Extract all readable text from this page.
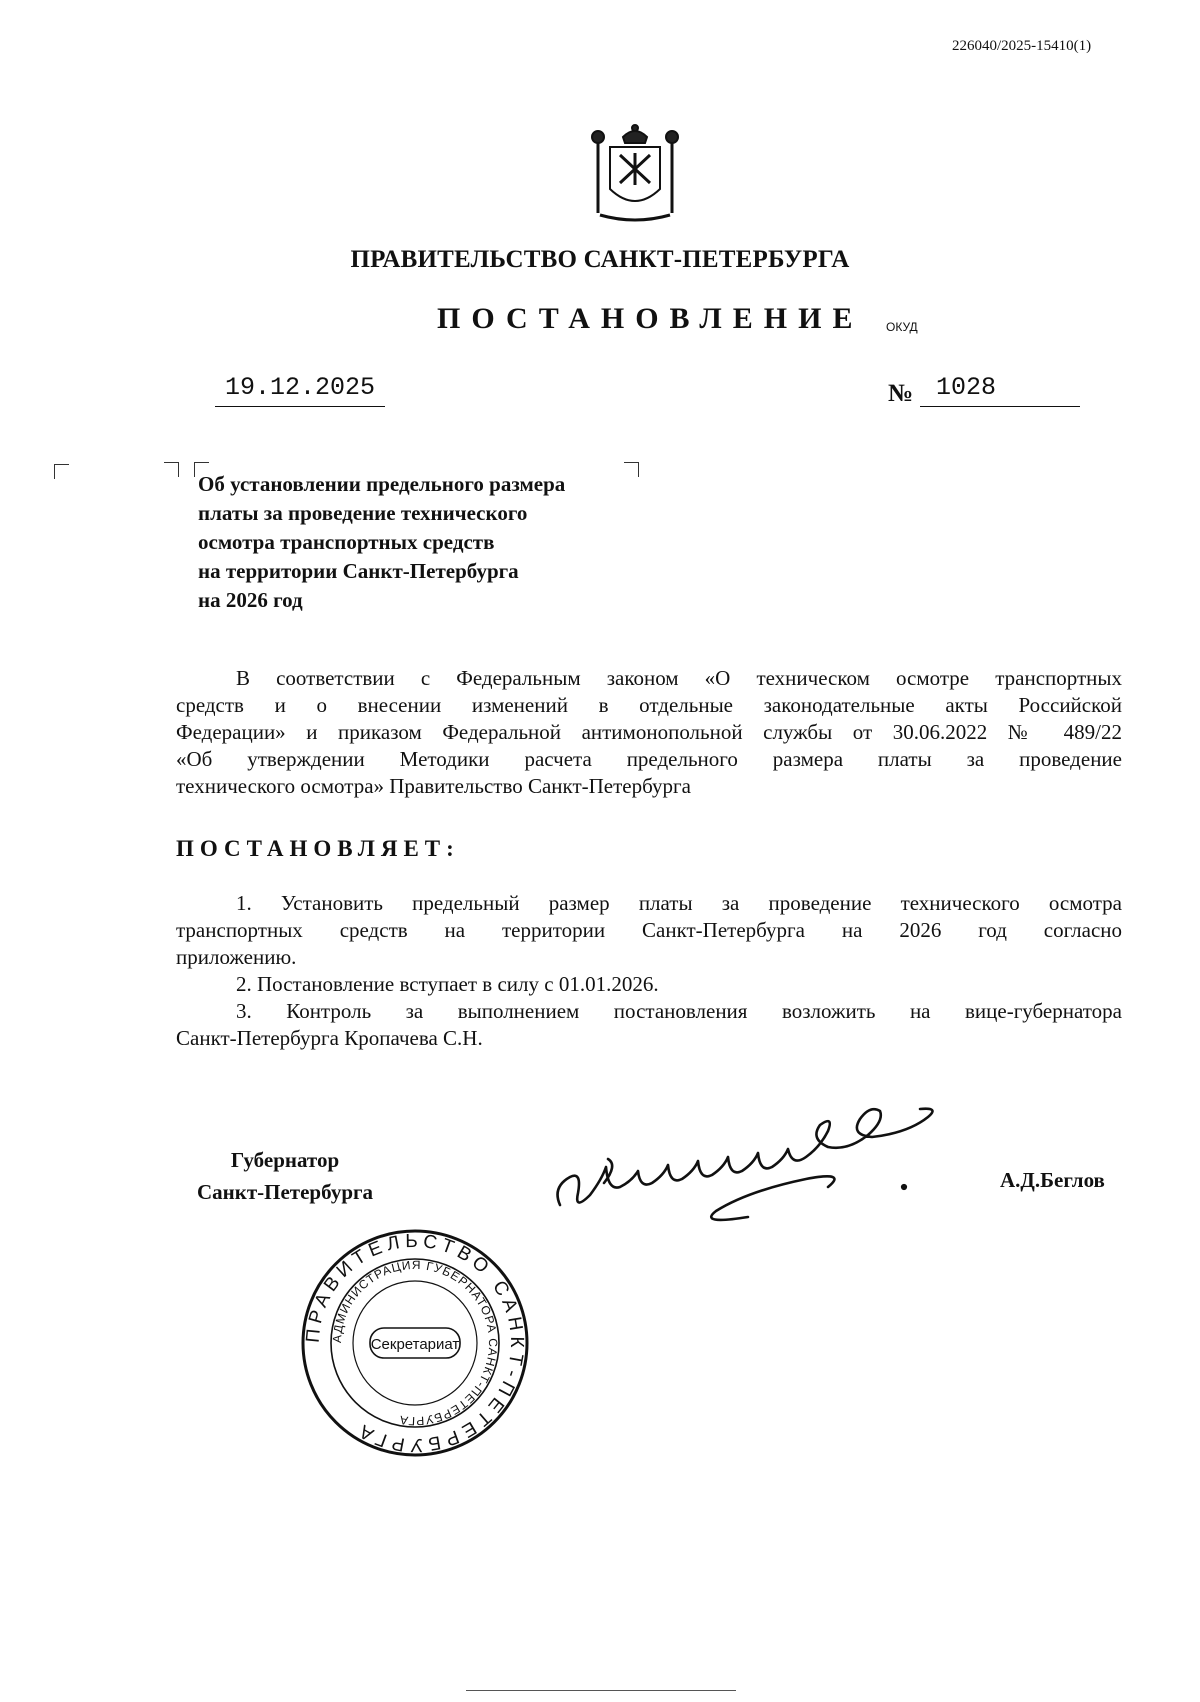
226040/2025-15410(1)
ПРАВИТЕЛЬСТВО САНКТ-ПЕТЕРБУРГА
ПОСТАНОВЛЕНИЕ ОКУД
19.12.2025	№ 1028
Об установлении предельного размера
платы за проведение технического
осмотра транспортных средств
на территории Санкт-Петербурга
на 2026 год
В соответствии с Федеральным законом «О техническом осмотре транспортных
средств и о внесении изменений в отдельные законодательные акты Российской
Федерации» и приказом Федеральной антимонопольной службы от 30.06.2022 № 489/22
«Об утверждении Методики расчета предельного размера платы за проведение
технического осмотра» Правительство Санкт-Петербурга
ПОСТАНОВЛЯЕТ:
1. Установить предельный размер платы за проведение технического осмотра
транспортных средств на территории Санкт-Петербурга на 2026 год согласно
приложению.
2. Постановление вступает в силу с 01.01.2026.
3. Контроль за выполнением постановления возложить на вице-губернатора
Санкт-Петербурга Кропачева С.Н.
Губернатор
Санкт-Петербурга	А.Д.Беглов
ПРАВИТЕЛЬСТВО САНКТ-ПЕТЕРБУРГА
АДМИНИСТРАЦИЯ ГУБЕРНАТОРА САНКТ-ПЕТЕРБУРГА
Секретариат
